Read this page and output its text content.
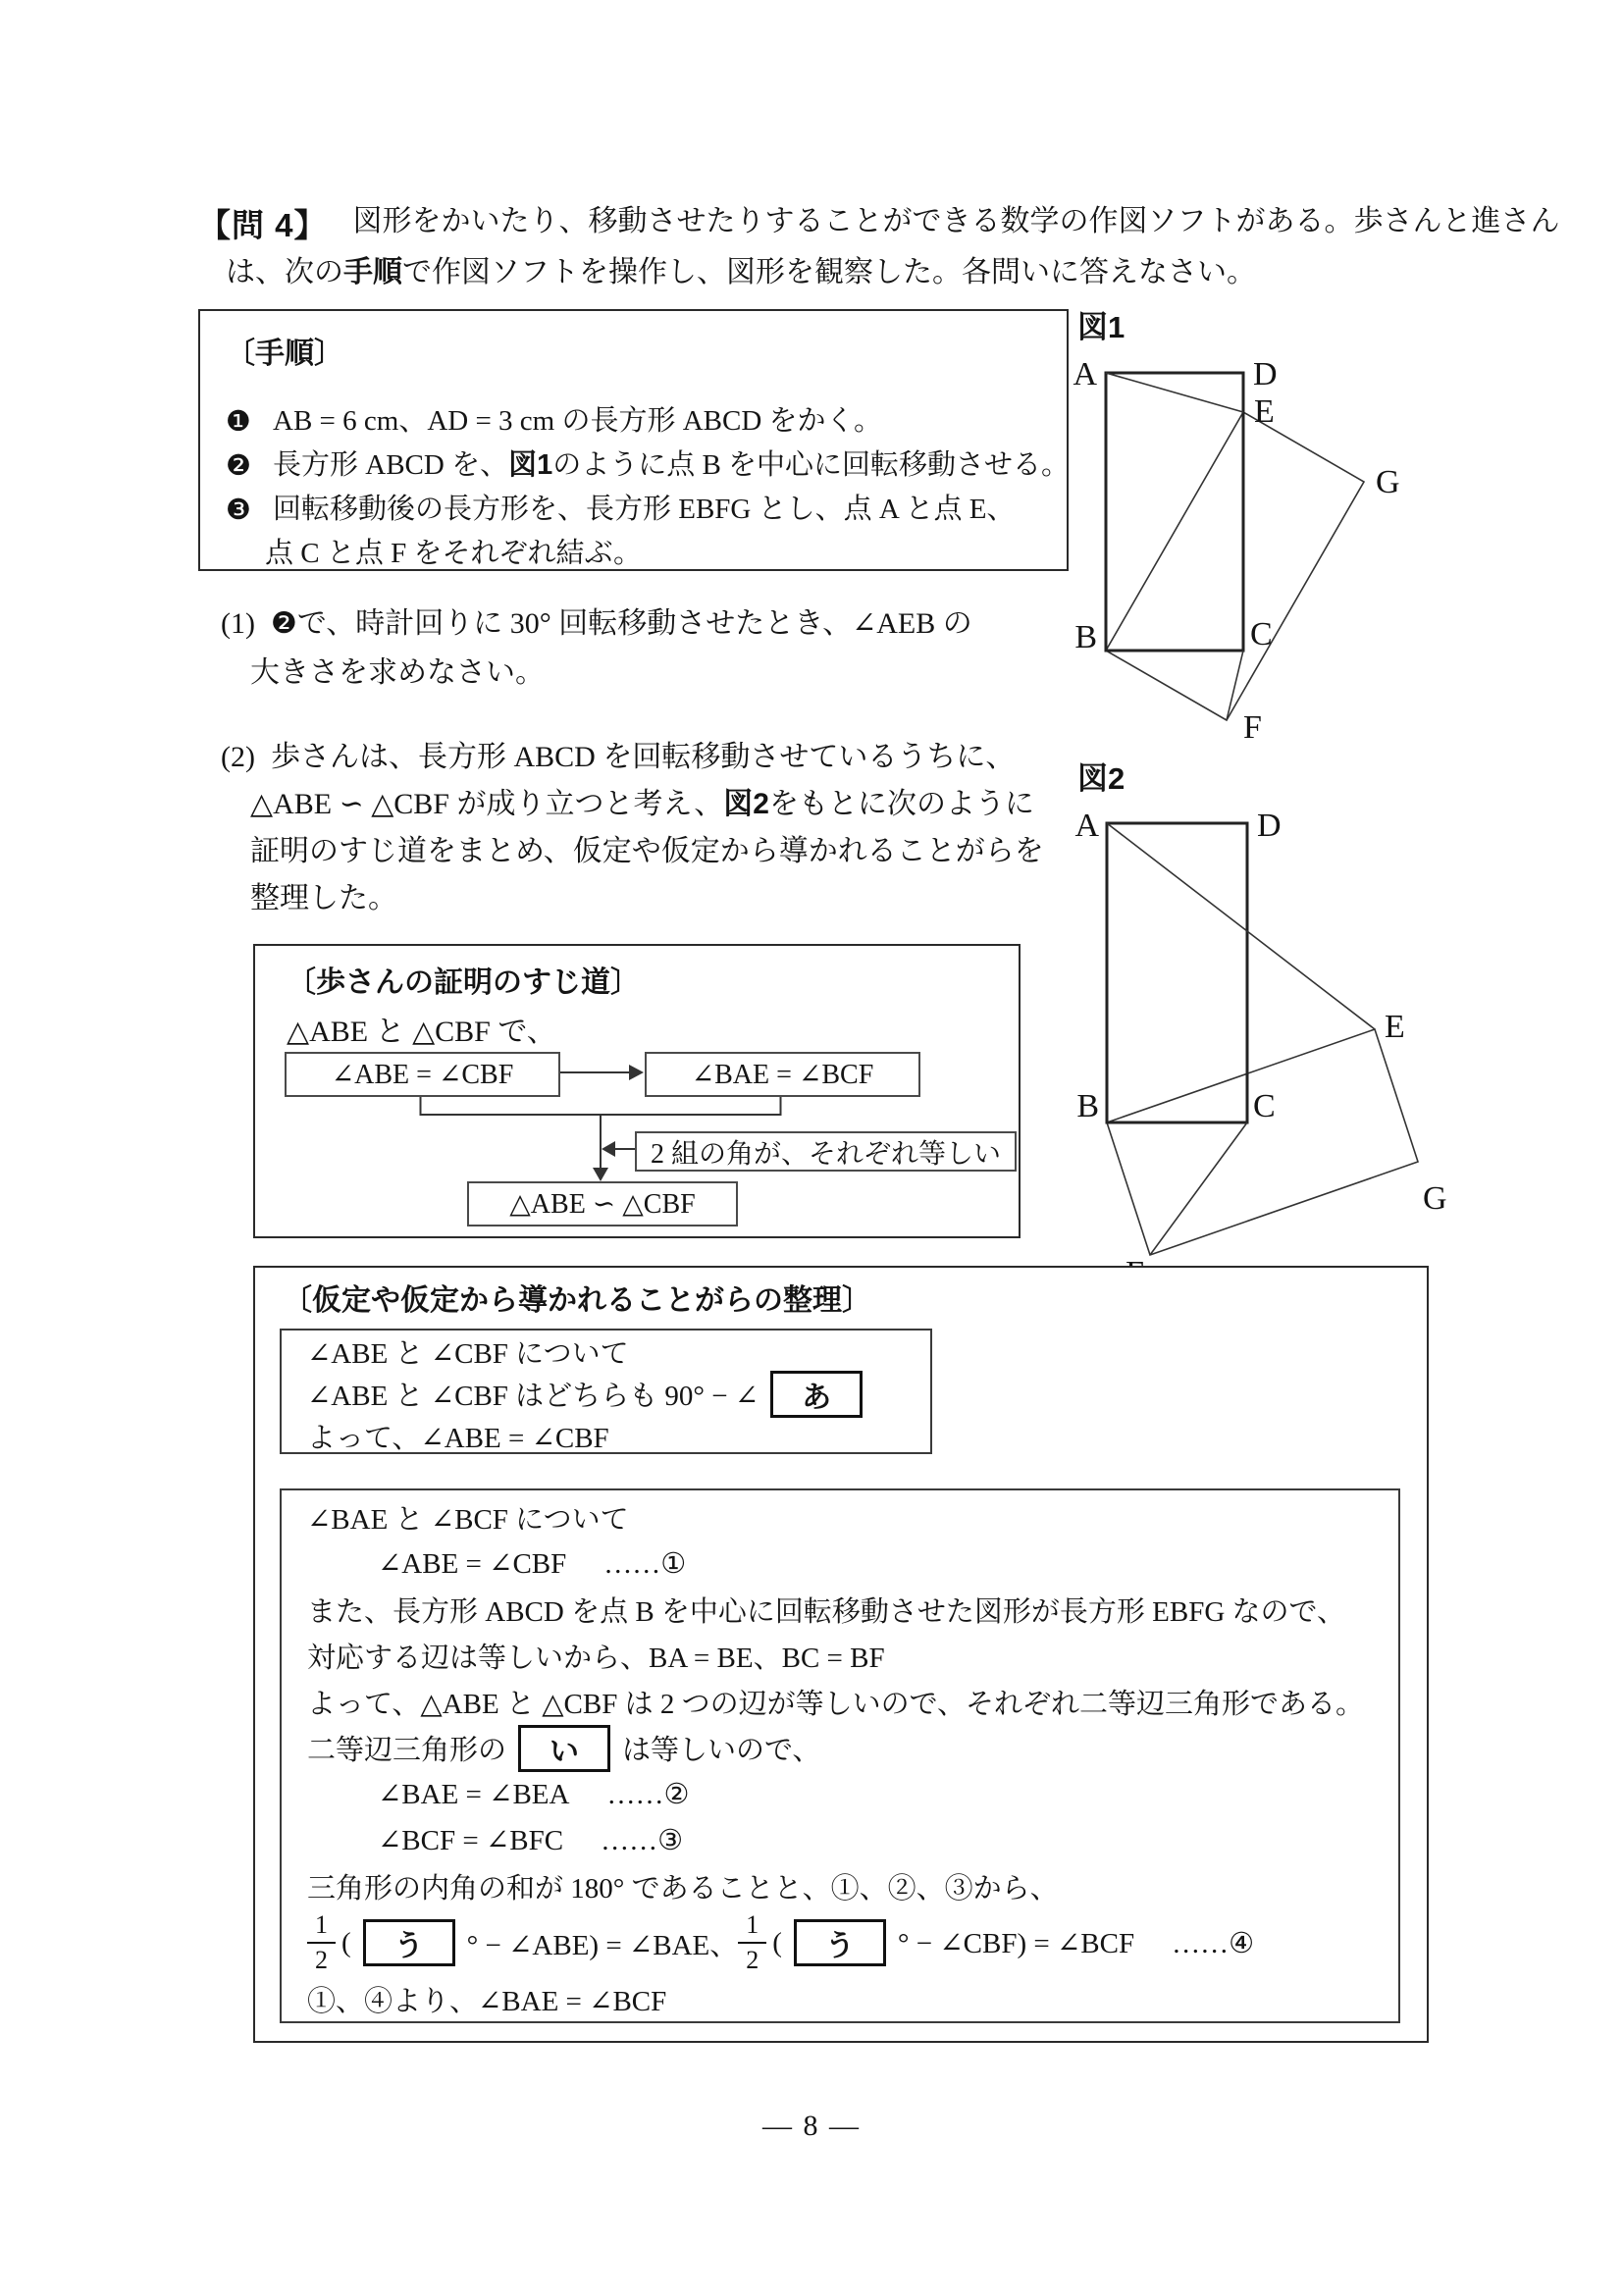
【問 4】 図形をかいたり、移動させたりすることができる数学の作図ソフトがある。歩さんと進さん
は、次の手順で作図ソフトを操作し、図形を観察した。各問いに答えなさい。
〔手順〕
❶ AB = 6 cm、AD = 3 cm の長方形 ABCD をかく。
❷ 長方形 ABCD を、図1のように点 B を中心に回転移動させる。
❸ 回転移動後の長方形を、長方形 EBFG とし、点 A と点 E、
点 C と点 F をそれぞれ結ぶ。
図1
A	D
E
G
B	C
F
(1) ❷で、時計回りに 30° 回転移動させたとき、∠AEB の
大きさを求めなさい。
(2) 歩さんは、長方形 ABCD を回転移動させているうちに、
△ABE ∽ △CBF が成り立つと考え、図2をもとに次のように
証明のすじ道をまとめ、仮定や仮定から導かれることがらを
整理した。
図2
A	D
E
B	C
G
〔歩さんの証明のすじ道〕
△ABE と △CBF で、
∠ABE = ∠CBF	∠BAE = ∠BCF
2 組の角が、それぞれ等しい
△ABE ∽ △CBF
〔仮定や仮定から導かれることがらの整理〕
∠ABE と ∠CBF について
∠ABE と ∠CBF はどちらも 90° − ∠	あ
よって、∠ABE = ∠CBF
∠BAE と ∠BCF について
∠ABE = ∠CBF ……①
また、長方形 ABCD を点 B を中心に回転移動させた図形が長方形 EBFG なので、
対応する辺は等しいから、BA = BE、BC = BF
よって、△ABE と △CBF は 2 つの辺が等しいので、それぞれ二等辺三角形である。
二等辺三角形の	い	は等しいので、
∠BAE = ∠BEA ……②
∠BCF = ∠BFC ……③
三角形の内角の和が 180° であることと、①、②、③から、
$\frac{1}{2}$ (	う	° − ∠ABE) = ∠BAE、 $\frac{1}{2}$ (	う	° − ∠CBF) = ∠BCF ……④
①、④より、∠BAE = ∠BCF
— 8 —
